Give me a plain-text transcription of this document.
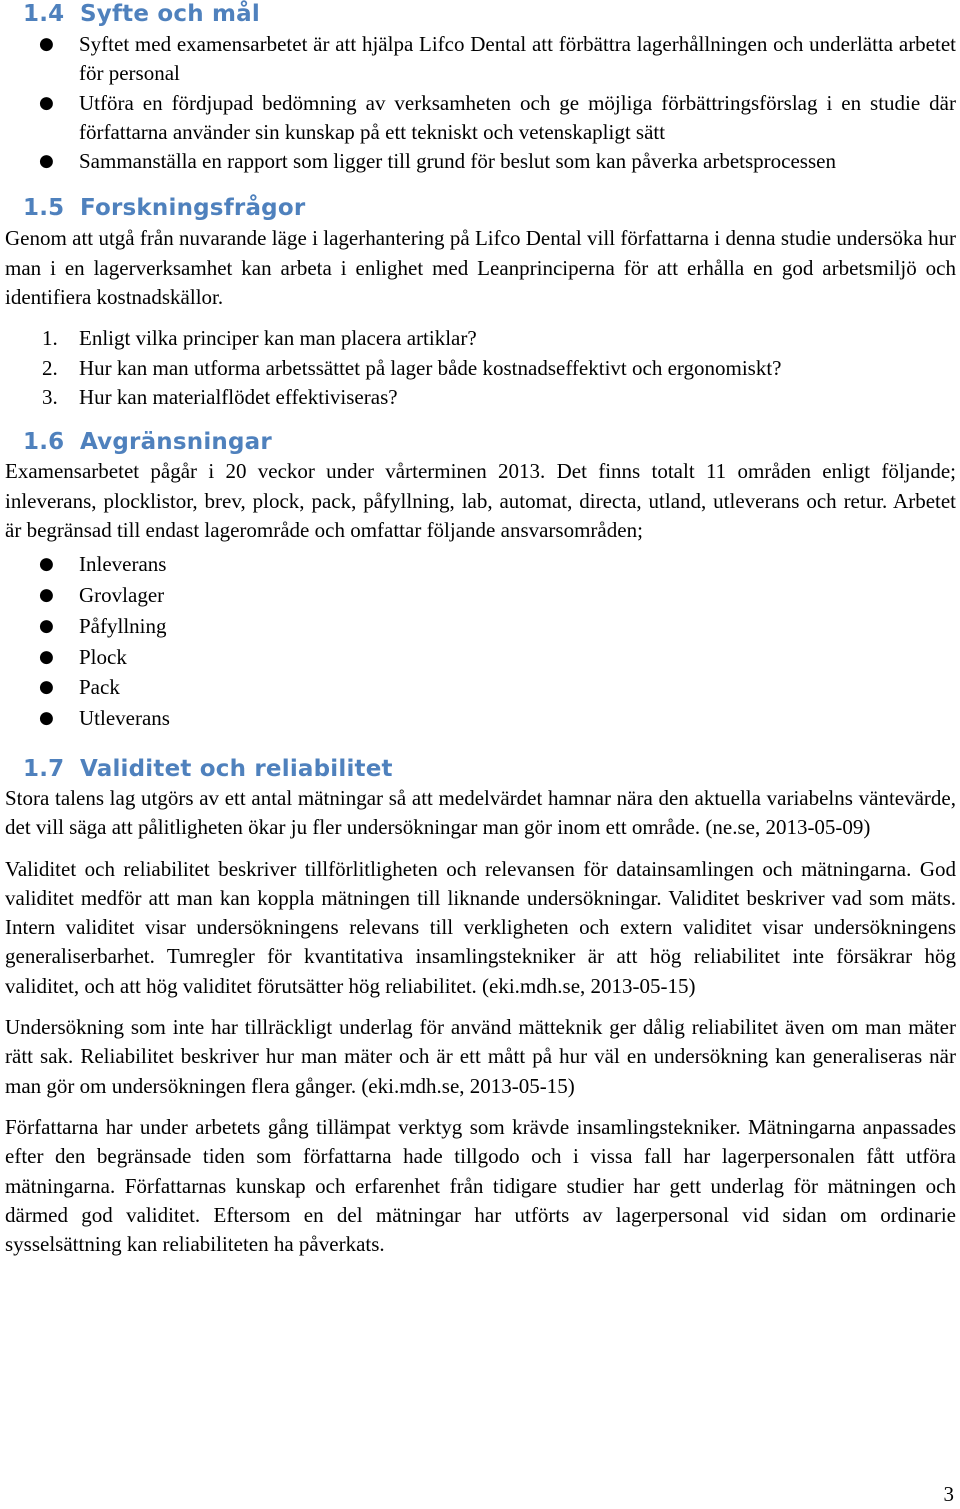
1.4 Syfte och mål
● Syftet med examensarbetet är att hjälpa Lifco Dental att förbättra lagerhållningen och underlätta arbetet för personal
● Utföra en fördjupad bedömning av verksamheten och ge möjliga förbättringsförslag i en studie där författarna använder sin kunskap på ett tekniskt och vetenskapligt sätt
● Sammanställa en rapport som ligger till grund för beslut som kan påverka arbetsprocessen
1.5 Forskningsfrågor

Genom att utgå från nuvarande läge i lagerhantering på Lifco Dental vill författarna i denna studie undersöka hur man i en lagerverksamhet kan arbeta i enlighet med Leanprinciperna för att erhålla en god arbetsmiljö och identifiera kostnadskällor.

1. Enligt vilka principer kan man placera artiklar?
2. Hur kan man utforma arbetssättet på lager både kostnadseffektivt och ergonomiskt?
3. Hur kan materialflödet effektiviseras?
1.6 Avgränsningar

Examensarbetet pågår i 20 veckor under vårterminen 2013. Det finns totalt 11 områden enligt följande; inleverans, plocklistor, brev, plock, pack, påfyllning, lab, automat, directa, utland, utleverans och retur. Arbetet är begränsad till endast lagerområde och omfattar följande ansvarsområden;

● Inleverans
● Grovlager
● Påfyllning
● Plock
● Pack
● Utleverans
1.7 Validitet och reliabilitet

Stora talens lag utgörs av ett antal mätningar så att medelvärdet hamnar nära den aktuella variabelns väntevärde, det vill säga att pålitligheten ökar ju fler undersökningar man gör inom ett område. (ne.se, 2013-05-09)

Validitet och reliabilitet beskriver tillförlitligheten och relevansen för datainsamlingen och mätningarna. God validitet medför att man kan koppla mätningen till liknande undersökningar. Validitet beskriver vad som mäts. Intern validitet visar undersökningens relevans till verkligheten och extern validitet visar undersökningens generaliserbarhet. Tumregler för kvantitativa insamlingstekniker är att hög reliabilitet inte försäkrar hög validitet, och att hög validitet förutsätter hög reliabilitet. (eki.mdh.se, 2013-05-15)

Undersökning som inte har tillräckligt underlag för använd mätteknik ger dålig reliabilitet även om man mäter rätt sak. Reliabilitet beskriver hur man mäter och är ett mått på hur väl en undersökning kan generaliseras när man gör om undersökningen flera gånger. (eki.mdh.se, 2013-05-15)

Författarna har under arbetets gång tillämpat verktyg som krävde insamlingstekniker. Mätningarna anpassades efter den begränsade tiden som författarna hade tillgodo och i vissa fall har lagerpersonalen fått utföra mätningarna. Författarnas kunskap och erfarenhet från tidigare studier har gett underlag för mätningen och därmed god validitet. Eftersom en del mätningar har utförts av lagerpersonal vid sidan om ordinarie sysselsättning kan reliabiliteten ha påverkats.

3
